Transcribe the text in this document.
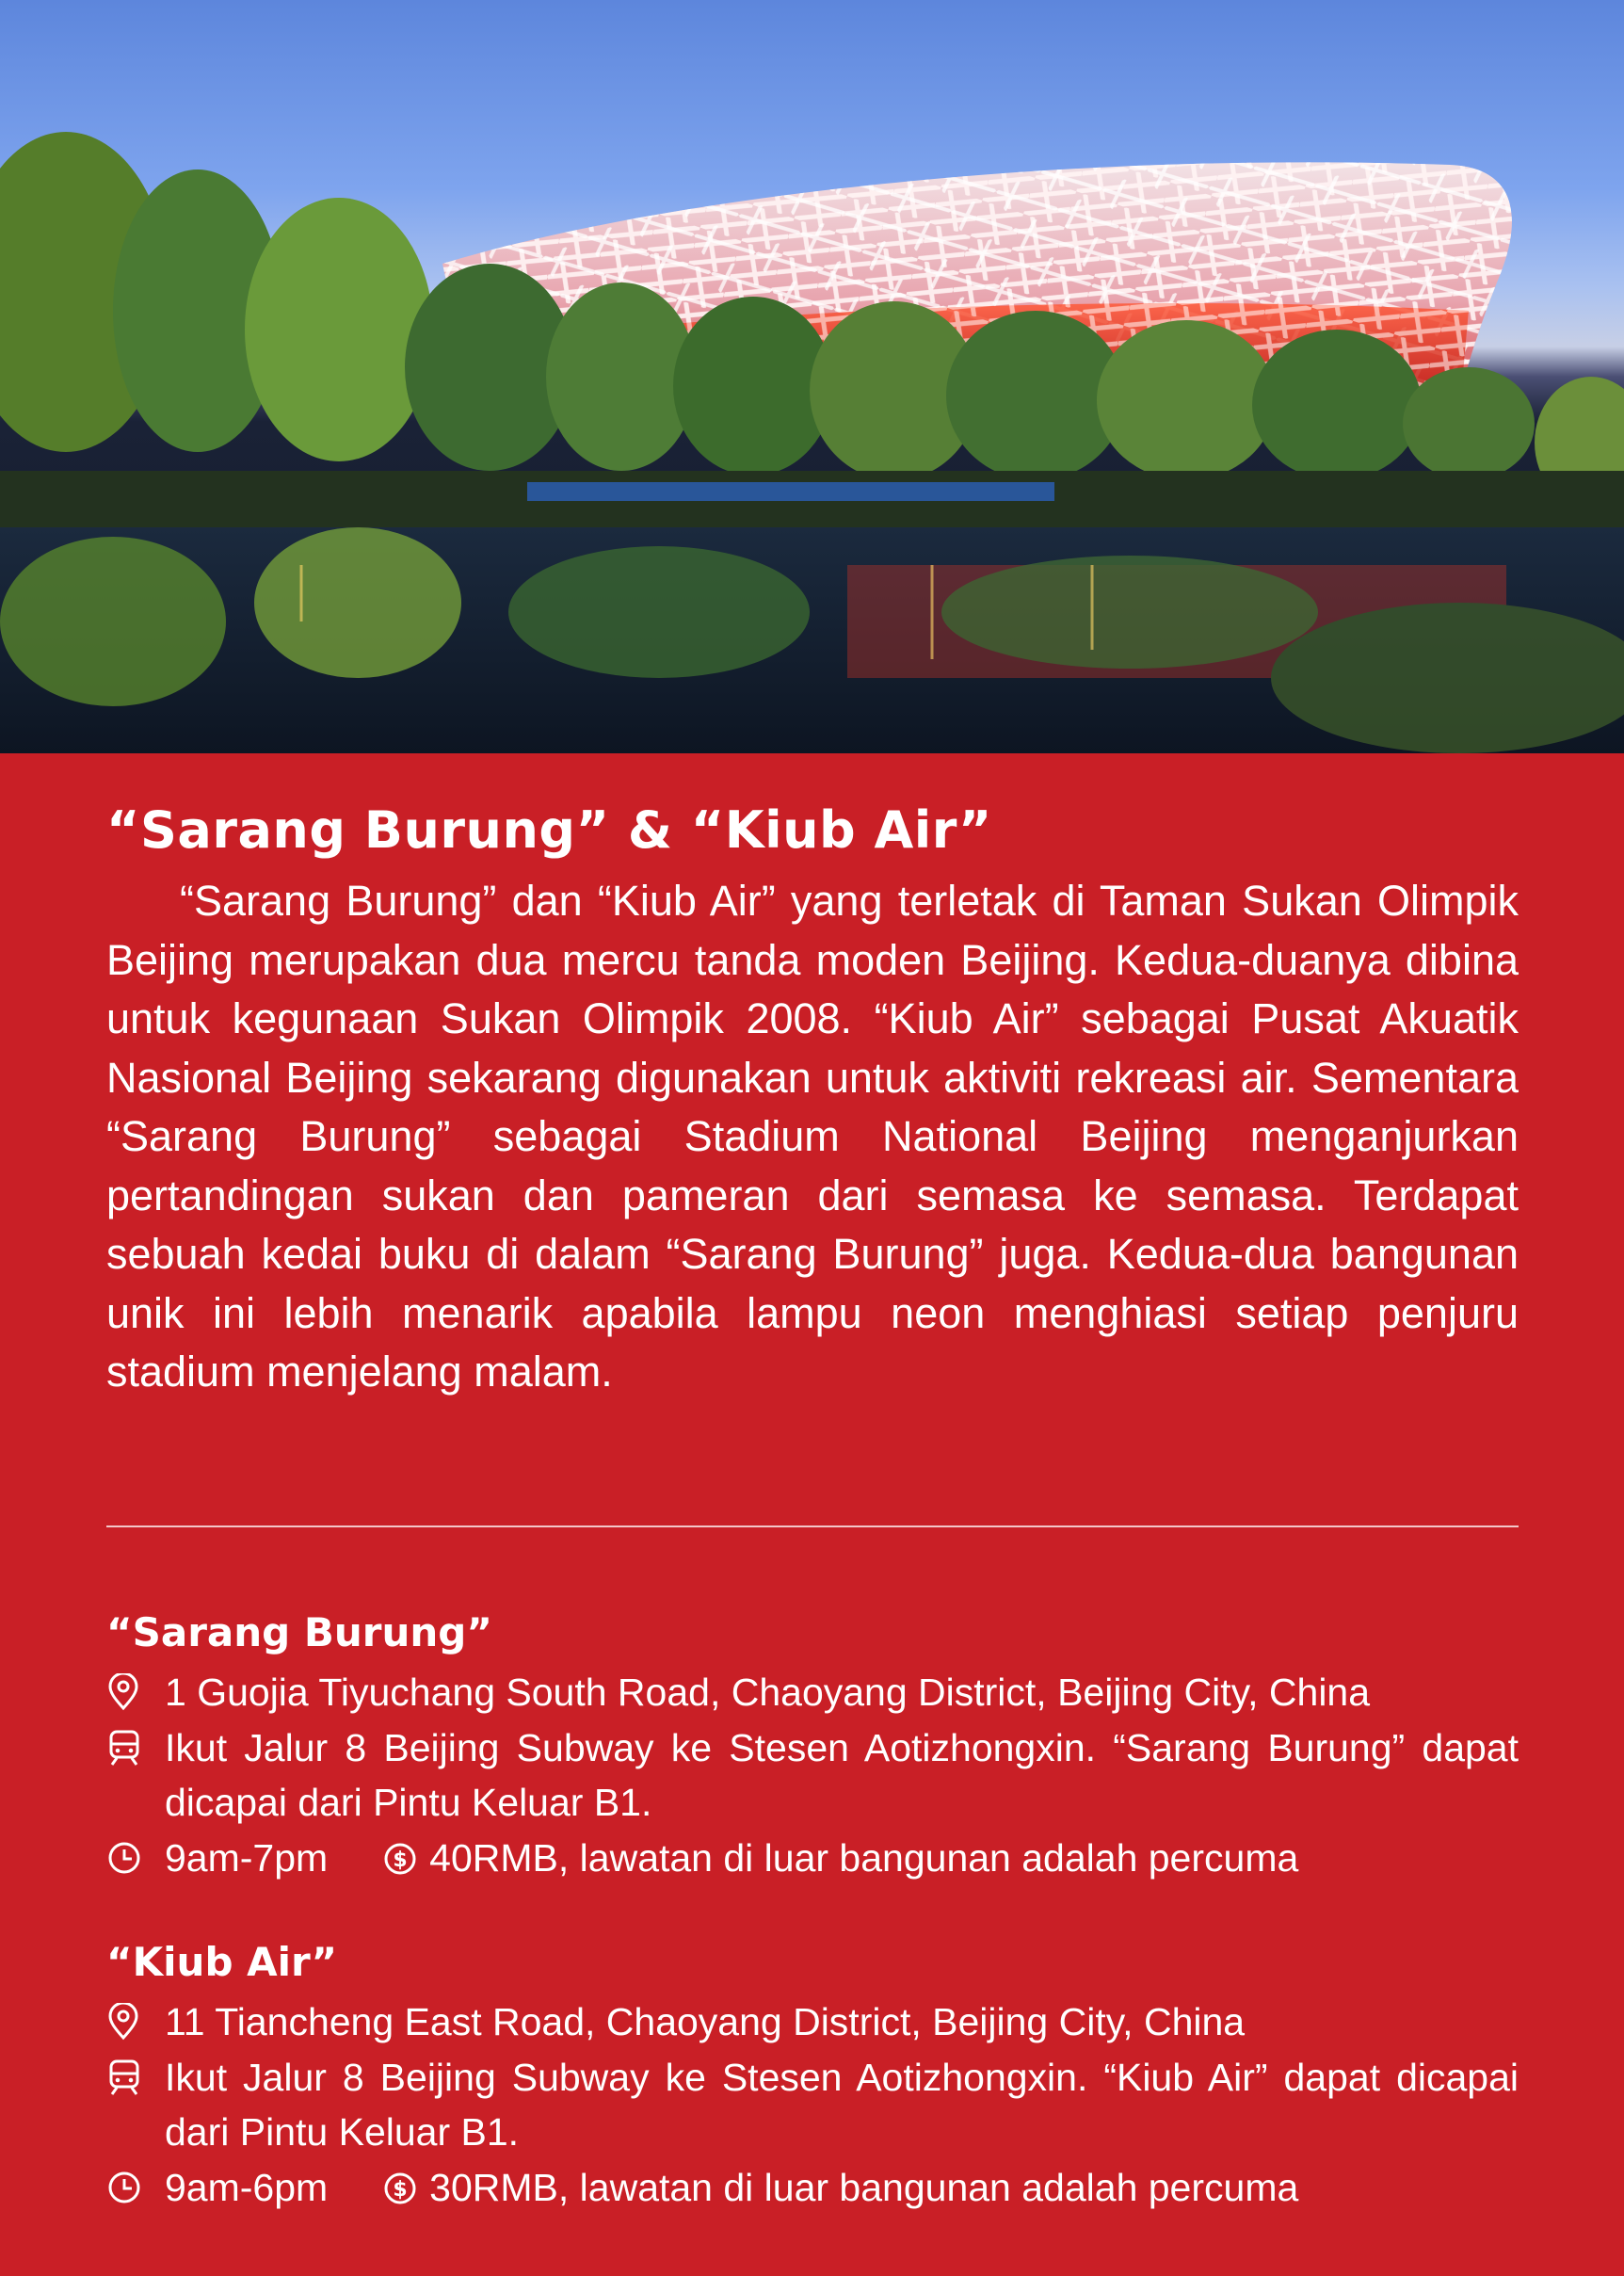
“Sarang Burung” & “Kiub Air”

“Sarang Burung” dan “Kiub Air” yang terletak di Taman Sukan Olimpik Beijing merupakan dua mercu tanda moden Beijing. Kedua-duanya dibina untuk kegunaan Sukan Olimpik 2008. “Kiub Air” sebagai Pusat Akuatik Nasional Beijing sekarang digunakan untuk aktiviti rekreasi air. Sementara “Sarang Burung” sebagai Stadium National Beijing menganjurkan pertandingan sukan dan pameran dari semasa ke semasa. Terdapat sebuah kedai buku di dalam “Sarang Burung” juga. Kedua-dua bangunan unik ini lebih menarik apabila lampu neon menghiasi setiap penjuru stadium menjelang malam.

“Sarang Burung”
1 Guojia Tiyuchang South Road, Chaoyang District, Beijing City, China
Ikut Jalur 8 Beijing Subway ke Stesen Aotizhongxin. “Sarang Burung” dapat dicapai dari Pintu Keluar B1.
9am-7pm	$ 40RMB, lawatan di luar bangunan adalah percuma
“Kiub Air”
11 Tiancheng East Road, Chaoyang District, Beijing City, China
Ikut Jalur 8 Beijing Subway ke Stesen Aotizhongxin. “Kiub Air” dapat dicapai dari Pintu Keluar B1.
9am-6pm	$ 30RMB, lawatan di luar bangunan adalah percuma
